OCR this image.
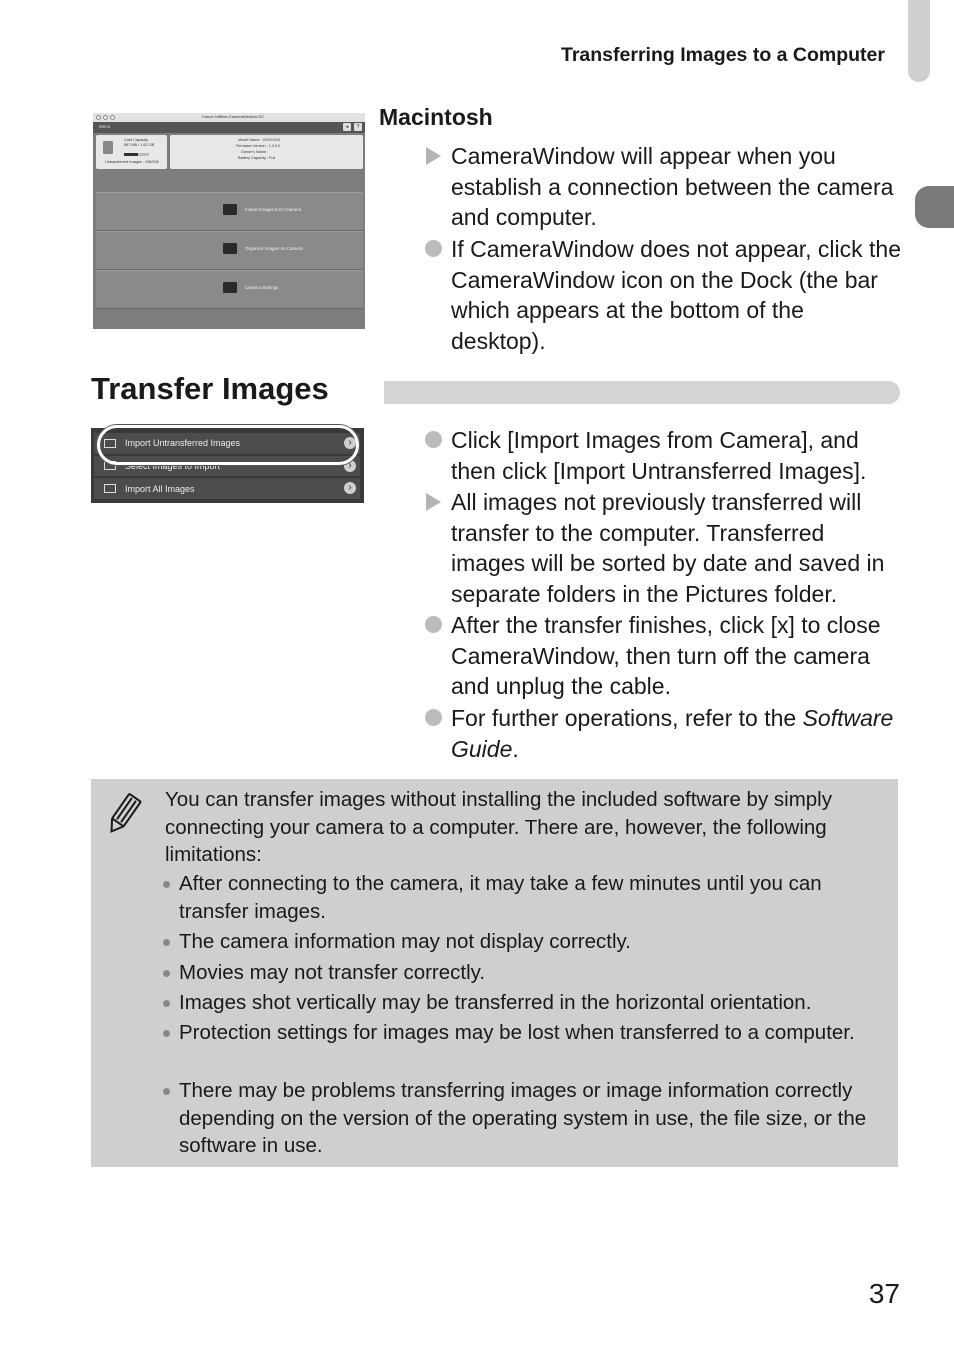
Transferring Images to a Computer
Canon Utilities CameraWindow DC
Menu	◂	?
Card Capacity
867 MB / 1.82 GB
Untransferred Images : 136/208
Model Name : XXXXXXX
Firmware Version : 1.0.0.0
Owner's Name :
Battery Capacity : Full
Import Images from Camera
Organize Images on Camera
Camera Settings
Macintosh
CameraWindow will appear when you establish a connection between the camera and computer.
If CameraWindow does not appear, click the CameraWindow icon on the Dock (the bar which appears at the bottom of the desktop).
Transfer Images
Import Untransferred Images	›
Select Images to Import	›
Import All Images	›
Click [Import Images from Camera], and then click [Import Untransferred Images].
All images not previously transferred will transfer to the computer. Transferred images will be sorted by date and saved in separate folders in the Pictures folder.
After the transfer finishes, click [x] to close CameraWindow, then turn off the camera and unplug the cable.
For further operations, refer to the Software Guide.
You can transfer images without installing the included software by simply connecting your camera to a computer. There are, however, the following limitations:
After connecting to the camera, it may take a few minutes until you can transfer images.
The camera information may not display correctly.
Movies may not transfer correctly.
Images shot vertically may be transferred in the horizontal orientation.
Protection settings for images may be lost when transferred to a computer.
There may be problems transferring images or image information correctly depending on the version of the operating system in use, the file size, or the software in use.
37
